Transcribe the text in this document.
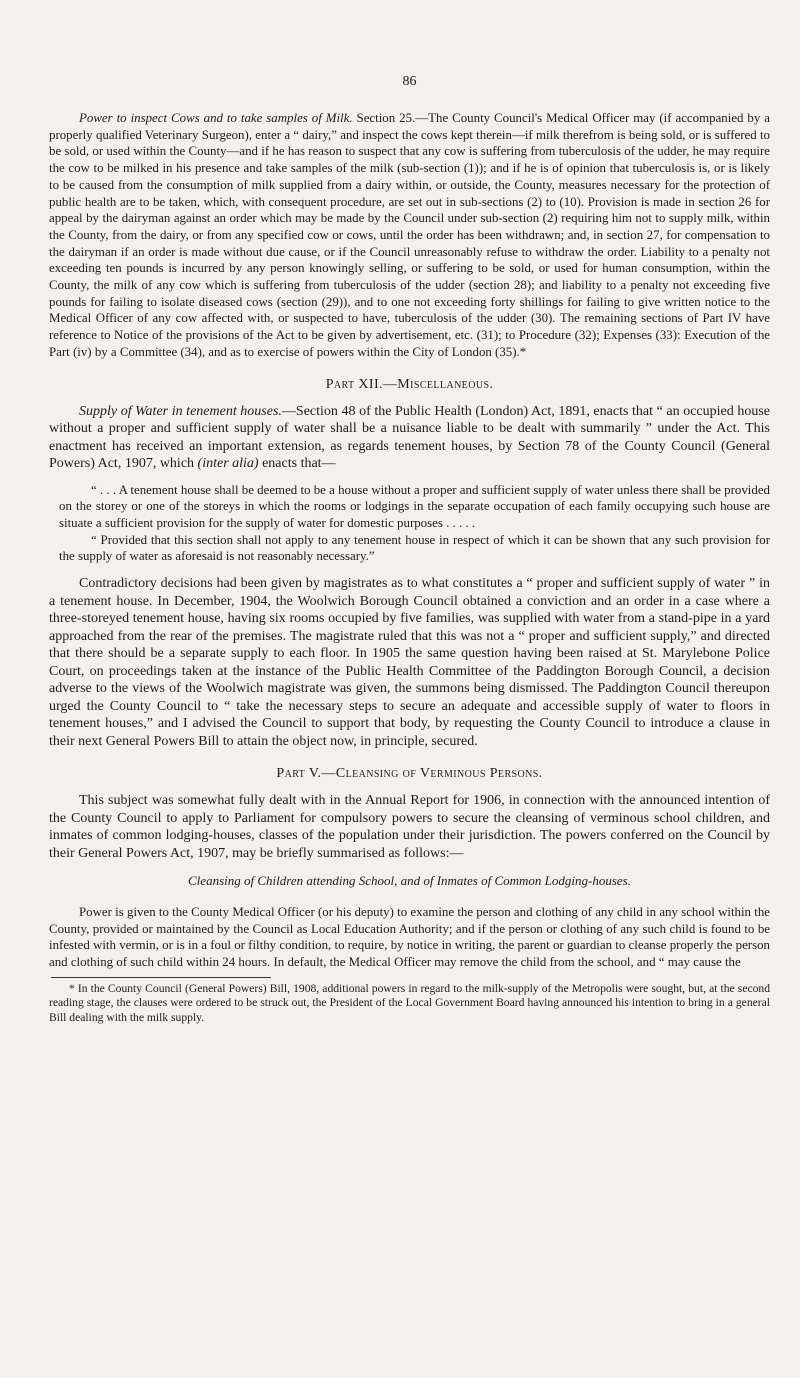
86

Power to inspect Cows and to take samples of Milk. Section 25.—The County Council's Medical Officer may (if accompanied by a properly qualified Veterinary Surgeon), enter a “ dairy,” and inspect the cows kept therein—if milk therefrom is being sold, or is suffered to be sold, or used within the County—and if he has reason to suspect that any cow is suffering from tuberculosis of the udder, he may require the cow to be milked in his presence and take samples of the milk (sub-section (1)); and if he is of opinion that tuberculosis is, or is likely to be caused from the consumption of milk supplied from a dairy within, or outside, the County, measures necessary for the protection of public health are to be taken, which, with consequent procedure, are set out in sub-sections (2) to (10). Provision is made in section 26 for appeal by the dairyman against an order which may be made by the Council under sub-section (2) requiring him not to supply milk, within the County, from the dairy, or from any specified cow or cows, until the order has been withdrawn; and, in section 27, for compensation to the dairyman if an order is made without due cause, or if the Council unreasonably refuse to withdraw the order. Liability to a penalty not exceeding ten pounds is incurred by any person knowingly selling, or suffering to be sold, or used for human consumption, within the County, the milk of any cow which is suffering from tuberculosis of the udder (section 28); and liability to a penalty not exceeding five pounds for failing to isolate diseased cows (section (29)), and to one not exceeding forty shillings for failing to give written notice to the Medical Officer of any cow affected with, or suspected to have, tuberculosis of the udder (30). The remaining sections of Part IV have reference to Notice of the provisions of the Act to be given by advertisement, etc. (31); to Procedure (32); Expenses (33): Execution of the Part (iv) by a Committee (34), and as to exercise of powers within the City of London (35).*

Part XII.—Miscellaneous.

Supply of Water in tenement houses.—Section 48 of the Public Health (London) Act, 1891, enacts that “ an occupied house without a proper and sufficient supply of water shall be a nuisance liable to be dealt with summarily ” under the Act. This enactment has received an important extension, as regards tenement houses, by Section 78 of the County Council (General Powers) Act, 1907, which (inter alia) enacts that—

“ . . . A tenement house shall be deemed to be a house without a proper and sufficient supply of water unless there shall be provided on the storey or one of the storeys in which the rooms or lodgings in the separate occupation of each family occupying such house are situate a sufficient provision for the supply of water for domestic purposes . . . . .

“ Provided that this section shall not apply to any tenement house in respect of which it can be shown that any such provision for the supply of water as aforesaid is not reasonably necessary.”

Contradictory decisions had been given by magistrates as to what constitutes a “ proper and sufficient supply of water ” in a tenement house. In December, 1904, the Woolwich Borough Council obtained a conviction and an order in a case where a three-storeyed tenement house, having six rooms occupied by five families, was supplied with water from a stand-pipe in a yard approached from the rear of the premises. The magistrate ruled that this was not a “ proper and sufficient supply,” and directed that there should be a separate supply to each floor. In 1905 the same question having been raised at St. Marylebone Police Court, on proceedings taken at the instance of the Public Health Committee of the Paddington Borough Council, a decision adverse to the views of the Woolwich magistrate was given, the summons being dismissed. The Paddington Council thereupon urged the County Council to “ take the necessary steps to secure an adequate and accessible supply of water to floors in tenement houses,” and I advised the Council to support that body, by requesting the County Council to introduce a clause in their next General Powers Bill to attain the object now, in principle, secured.

Part V.—Cleansing of Verminous Persons.

This subject was somewhat fully dealt with in the Annual Report for 1906, in connection with the announced intention of the County Council to apply to Parliament for compulsory powers to secure the cleansing of verminous school children, and inmates of common lodging-houses, classes of the population under their jurisdiction. The powers conferred on the Council by their General Powers Act, 1907, may be briefly summarised as follows:—

Cleansing of Children attending School, and of Inmates of Common Lodging-houses.

Power is given to the County Medical Officer (or his deputy) to examine the person and clothing of any child in any school within the County, provided or maintained by the Council as Local Education Authority; and if the person or clothing of any such child is found to be infested with vermin, or is in a foul or filthy condition, to require, by notice in writing, the parent or guardian to cleanse properly the person and clothing of such child within 24 hours. In default, the Medical Officer may remove the child from the school, and “ may cause the

* In the County Council (General Powers) Bill, 1908, additional powers in regard to the milk-supply of the Metropolis were sought, but, at the second reading stage, the clauses were ordered to be struck out, the President of the Local Government Board having announced his intention to bring in a general Bill dealing with the milk supply.
